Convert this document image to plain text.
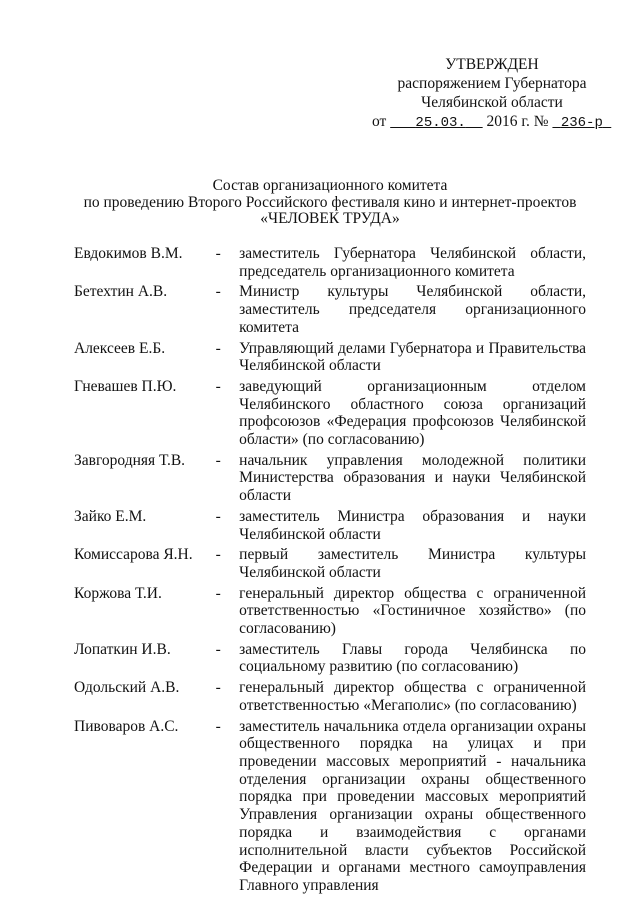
УТВЕРЖДЕН
распоряжением Губернатора
Челябинской области
от 25.03. 2016 г. № 236-р
Состав организационного комитета
по проведению Второго Российского фестиваля кино и интернет-проектов
«ЧЕЛОВЕК ТРУДА»
Евдокимов В.М.	-	заместитель Губернатора Челябинской области, председатель организационного комитета
Бетехтин А.В.	-	Министр культуры Челябинской области, заместитель председателя организационного комитета
Алексеев Е.Б.	-	Управляющий делами Губернатора и Правительства Челябинской области
Гневашев П.Ю.	-	заведующий организационным отделом Челябинского областного союза организаций профсоюзов «Федерация профсоюзов Челябинской области» (по согласованию)
Завгородняя Т.В.	-	начальник управления молодежной политики Министерства образования и науки Челябинской области
Зайко Е.М.	-	заместитель Министра образования и науки Челябинской области
Комиссарова Я.Н.	-	первый заместитель Министра культуры Челябинской области
Коржова Т.И.	-	генеральный директор общества с ограниченной ответственностью «Гостиничное хозяйство» (по согласованию)
Лопаткин И.В.	-	заместитель Главы города Челябинска по социальному развитию (по согласованию)
Одольский А.В.	-	генеральный директор общества с ограниченной ответственностью «Мегаполис» (по согласованию)
Пивоваров А.С.	-	заместитель начальника отдела организации охраны общественного порядка на улицах и при проведении массовых мероприятий - начальника отделения организации охраны общественного порядка при проведении массовых мероприятий Управления организации охраны общественного порядка и взаимодействия с органами исполнительной власти субъектов Российской Федерации и органами местного самоуправления Главного управления
